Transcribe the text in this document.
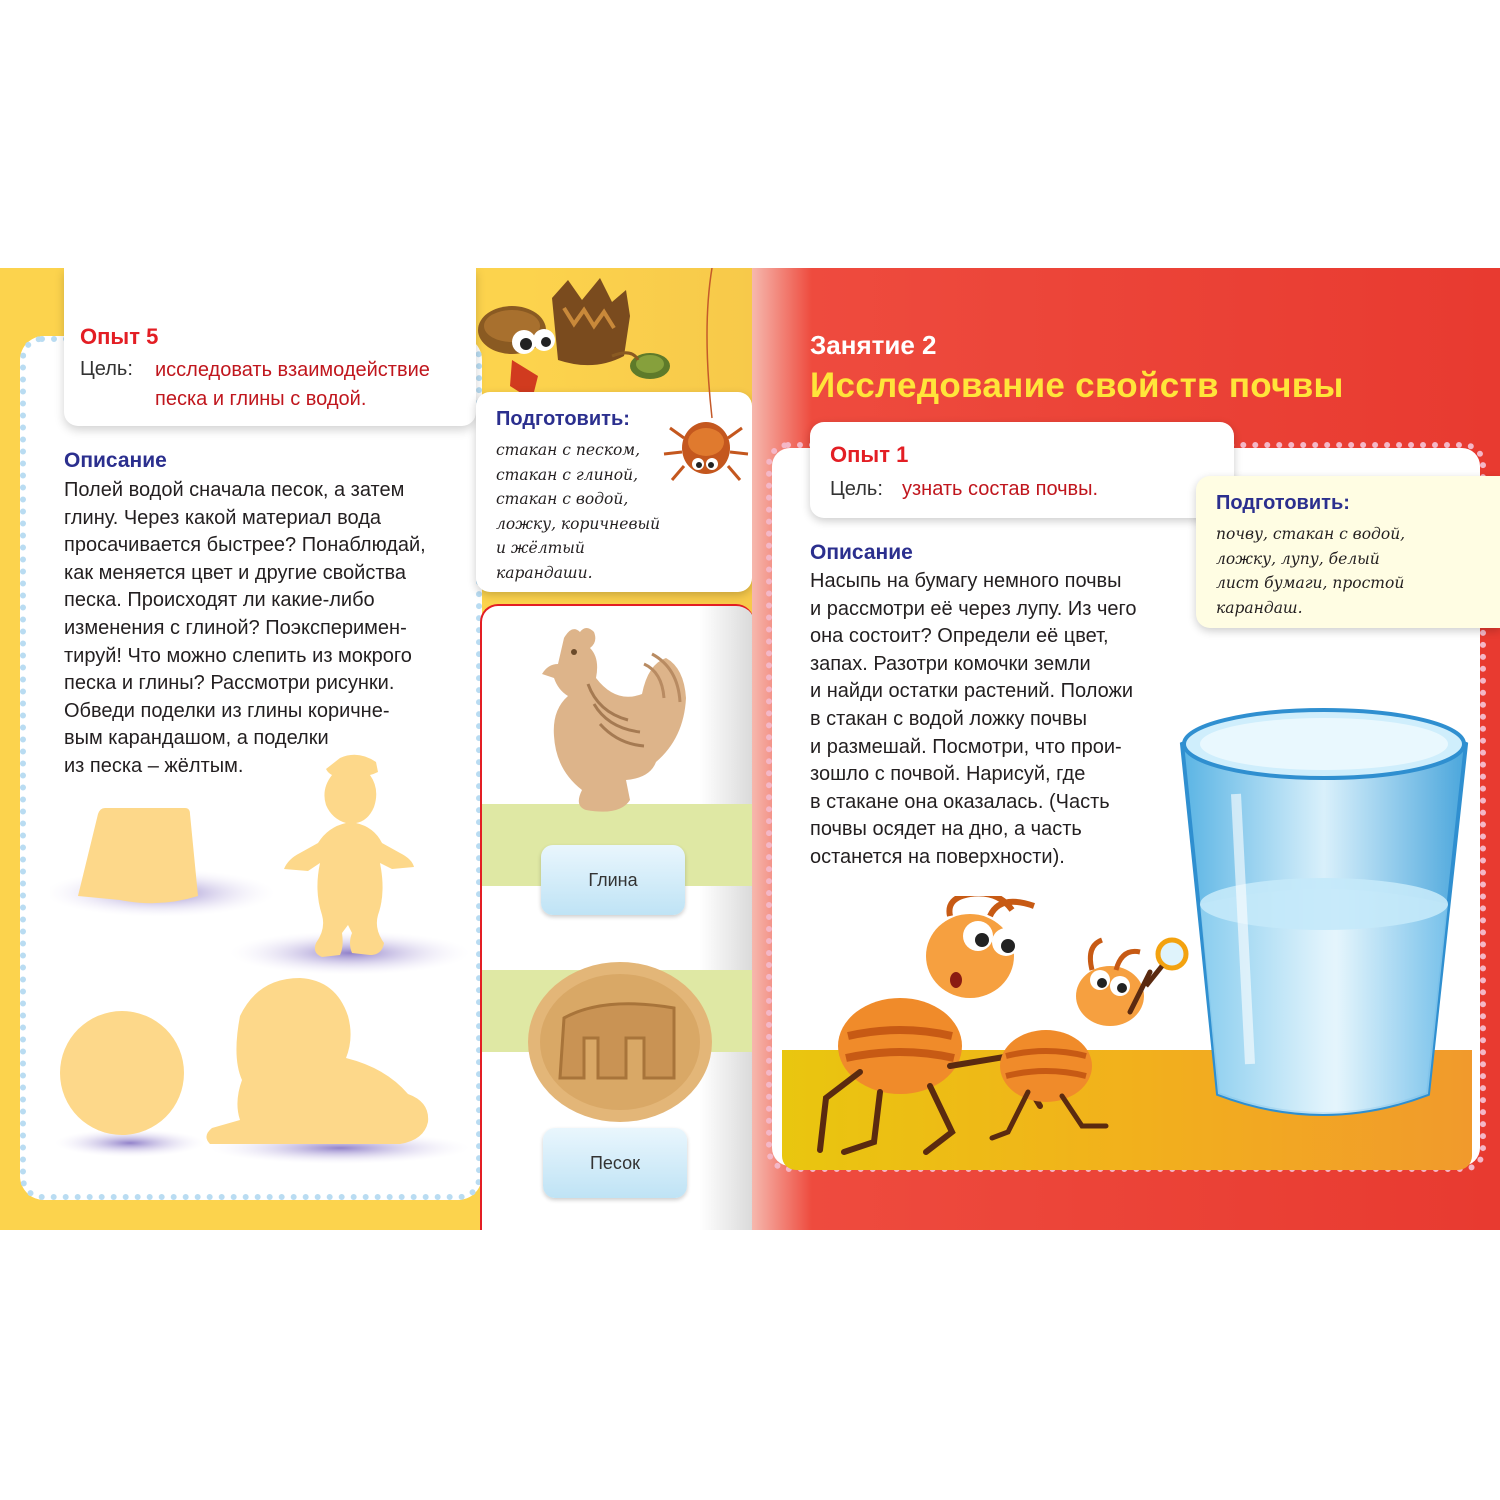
Опыт 5
Цель: исследовать взаимодействие
песка и глины с водой.
Описание
Полей водой сначала песок, а затем
глину. Через какой материал вода
просачивается быстрее? Понаблюдай,
как меняется цвет и другие свойства
песка. Происходят ли какие-либо
изменения с глиной? Поэксперимен-
тируй! Что можно слепить из мокрого
песка и глины? Рассмотри рисунки.
Обведи поделки из глины коричне-
вым карандашом, а поделки
из песка – жёлтым.
Подготовить:
стакан с песком,
стакан с глиной,
стакан с водой,
ложку, коричневый
и жёлтый
карандаши.
Глина
Песок
Занятие 2
Исследование свойств почвы
Опыт 1
Цель: узнать состав почвы.
Подготовить:
почву, стакан с водой,
ложку, лупу, белый
лист бумаги, простой
карандаш.
Описание
Насыпь на бумагу немного почвы
и рассмотри её через лупу. Из чего
она состоит? Определи её цвет,
запах. Разотри комочки земли
и найди остатки растений. Положи
в стакан с водой ложку почвы
и размешай. Посмотри, что прои-
зошло с почвой. Нарисуй, где
в стакане она оказалась. (Часть
почвы осядет на дно, а часть
останется на поверхности).
